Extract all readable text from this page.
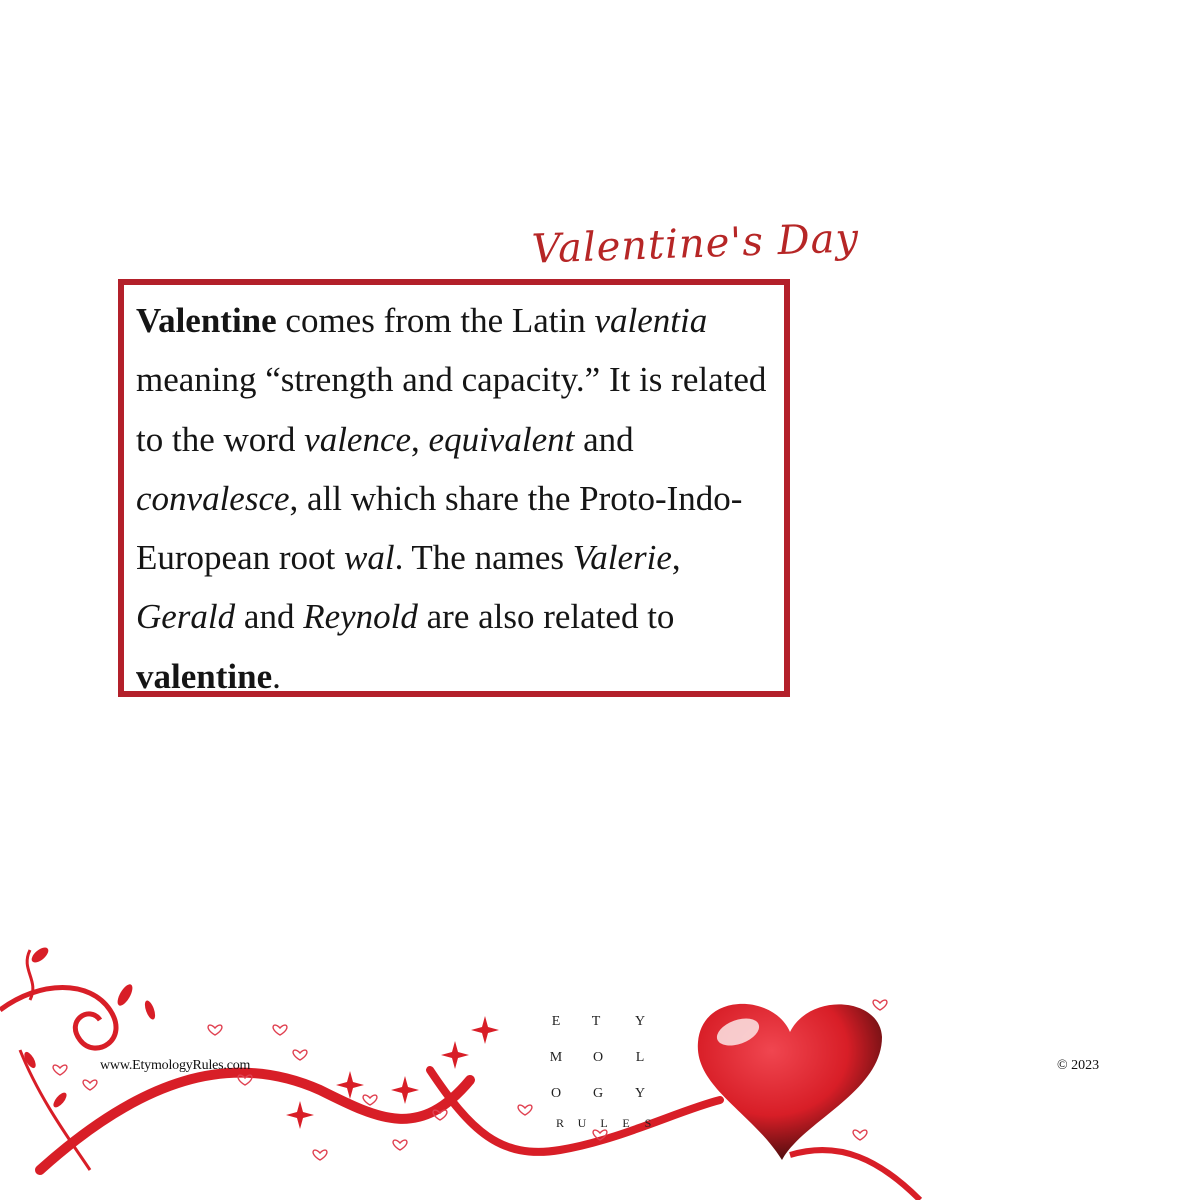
Valentine's Day

Valentine comes from the Latin valentia meaning “strength and capacity.” It is related to the word valence, equivalent and convalesce, all which share the Proto-Indo-European root wal. The names Valerie, Gerald and Reynold are also related to valentine.

www.EtymologyRules.com	© 2023
E T Y
M O L
O G Y
R	U	L	E	S
